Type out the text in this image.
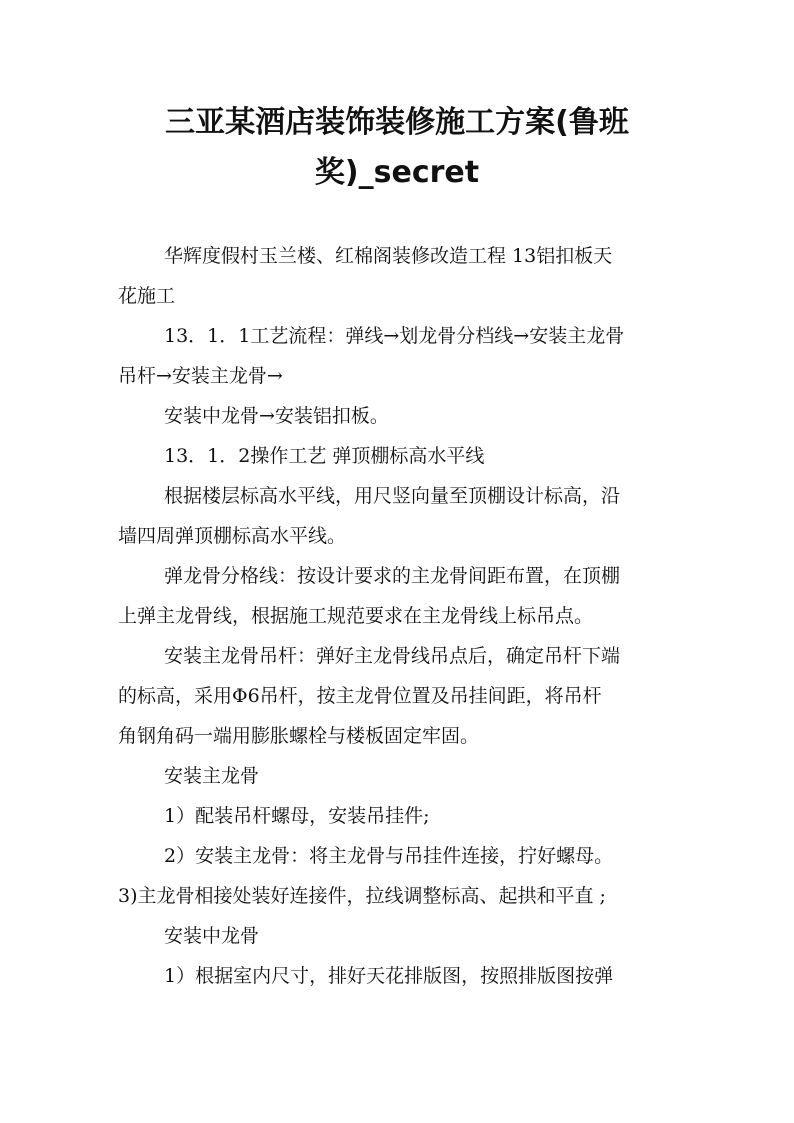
三亚某酒店装饰装修施工方案(鲁班
奖)_secret
华辉度假村玉兰楼、红棉阁装修改造工程 13铝扣板天
花施工
13．1．1工艺流程：弹线→划龙骨分档线→安装主龙骨
吊杆→安装主龙骨→
安装中龙骨→安装铝扣板。
13．1．2操作工艺 弹顶棚标高水平线
根据楼层标高水平线，用尺竖向量至顶棚设计标高，沿
墙四周弹顶棚标高水平线。
弹龙骨分格线：按设计要求的主龙骨间距布置，在顶棚
上弹主龙骨线，根据施工规范要求在主龙骨线上标吊点。
安装主龙骨吊杆：弹好主龙骨线吊点后，确定吊杆下端
的标高，采用Φ6吊杆，按主龙骨位置及吊挂间距，将吊杆
角钢角码一端用膨胀螺栓与楼板固定牢固。
安装主龙骨
1）配装吊杆螺母，安装吊挂件;
2）安装主龙骨：将主龙骨与吊挂件连接，拧好螺母。
3)主龙骨相接处装好连接件，拉线调整标高、起拱和平直 ;
安装中龙骨
1）根据室内尺寸，排好天花排版图，按照排版图按弹
